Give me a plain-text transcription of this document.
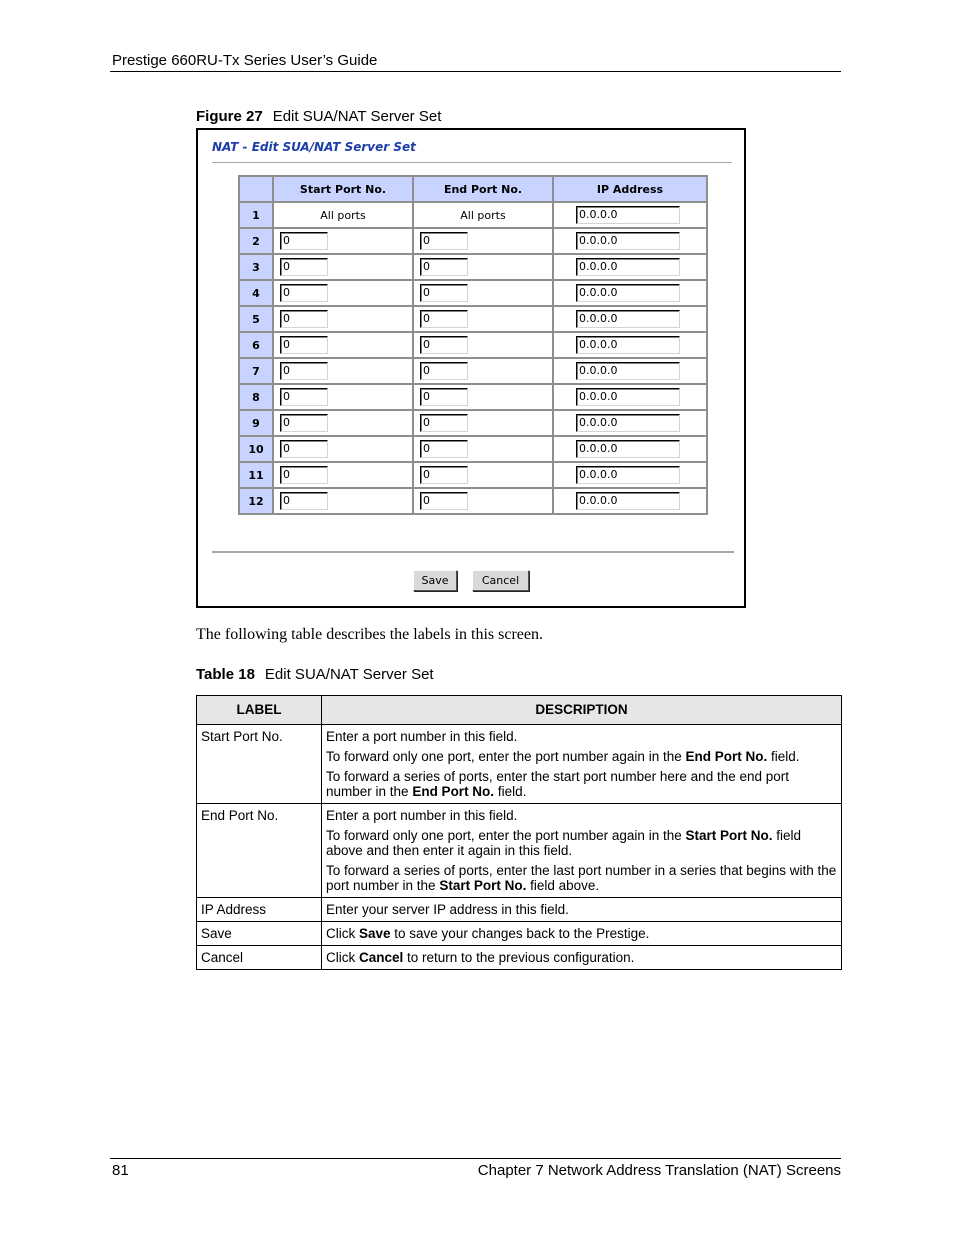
Prestige 660RU-Tx Series User’s Guide
Figure 27 Edit SUA/NAT Server Set
NAT - Edit SUA/NAT Server Set
	Start Port No.	End Port No.	IP Address
1	All ports	All ports	0.0.0.0
2	0	0	0.0.0.0
3	0	0	0.0.0.0
4	0	0	0.0.0.0
5	0	0	0.0.0.0
6	0	0	0.0.0.0
7	0	0	0.0.0.0
8	0	0	0.0.0.0
9	0	0	0.0.0.0
10	0	0	0.0.0.0
11	0	0	0.0.0.0
12	0	0	0.0.0.0
Save	Cancel
The following table describes the labels in this screen.
Table 18 Edit SUA/NAT Server Set
LABEL	DESCRIPTION
Start Port No.	Enter a port number in this field.

To forward only one port, enter the port number again in the End Port No. field.

To forward a series of ports, enter the start port number here and the end port number in the End Port No. field.

End Port No.	Enter a port number in this field.

To forward only one port, enter the port number again in the Start Port No. field above and then enter it again in this field.

To forward a series of ports, enter the last port number in a series that begins with the port number in the Start Port No. field above.

IP Address	Enter your server IP address in this field.

Save	Click Save to save your changes back to the Prestige.

Cancel	Click Cancel to return to the previous configuration.

81	Chapter 7 Network Address Translation (NAT) Screens
